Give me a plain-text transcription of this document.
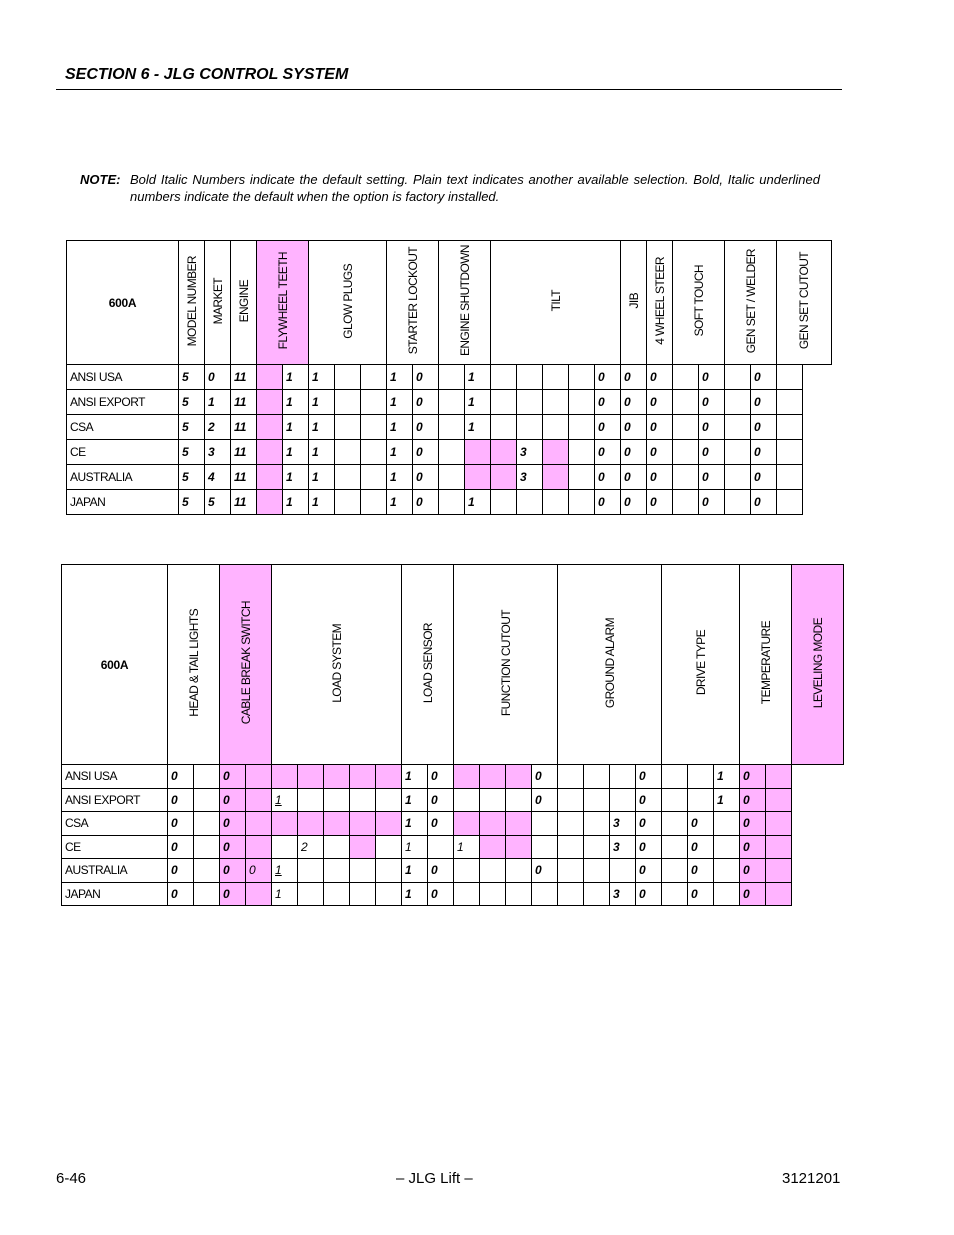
SECTION 6 - JLG CONTROL SYSTEM
NOTE: Bold Italic Numbers indicate the default setting. Plain text indicates another available selection. Bold, Italic underlined numbers indicate the default when the option is factory installed.
600A	MODEL NUMBER	MARKET	ENGINE	FLYWHEEL TEETH		GLOW PLUGS			STARTER LOCKOUT		ENGINE SHUTDOWN		TILT					JIB	4 WHEEL STEER	SOFT TOUCH		GEN SET / WELDER		GEN SET CUTOUT
ANSI USA	5	0	11		1	1			1	0		1					0	0	0		0		0	
ANSI EXPORT	5	1	11		1	1			1	0		1					0	0	0		0		0	
CSA	5	2	11		1	1			1	0		1					0	0	0		0		0	
CE	5	3	11		1	1			1	0				3			0	0	0		0		0	
AUSTRALIA	5	4	11		1	1			1	0				3			0	0	0		0		0	
JAPAN	5	5	11		1	1			1	0		1					0	0	0		0		0	
600A	HEAD & TAIL LIGHTS		CABLE BREAK SWITCH		LOAD SYSTEM					LOAD SENSOR		FUNCTION CUTOUT				GROUND ALARM				DRIVE TYPE			TEMPERATURE		LEVELING MODE
ANSI USA	0		0							1	0				0				0			1	0		
ANSI EXPORT	0		0		1					1	0				0				0			1	0		
CSA	0		0							1	0							3	0		0		0		
CE	0		0			2				1		1						3	0		0		0		
AUSTRALIA	0		0	0	1					1	0				0				0		0		0		
JAPAN	0		0		1					1	0							3	0		0		0		
6-46	– JLG Lift –	3121201
